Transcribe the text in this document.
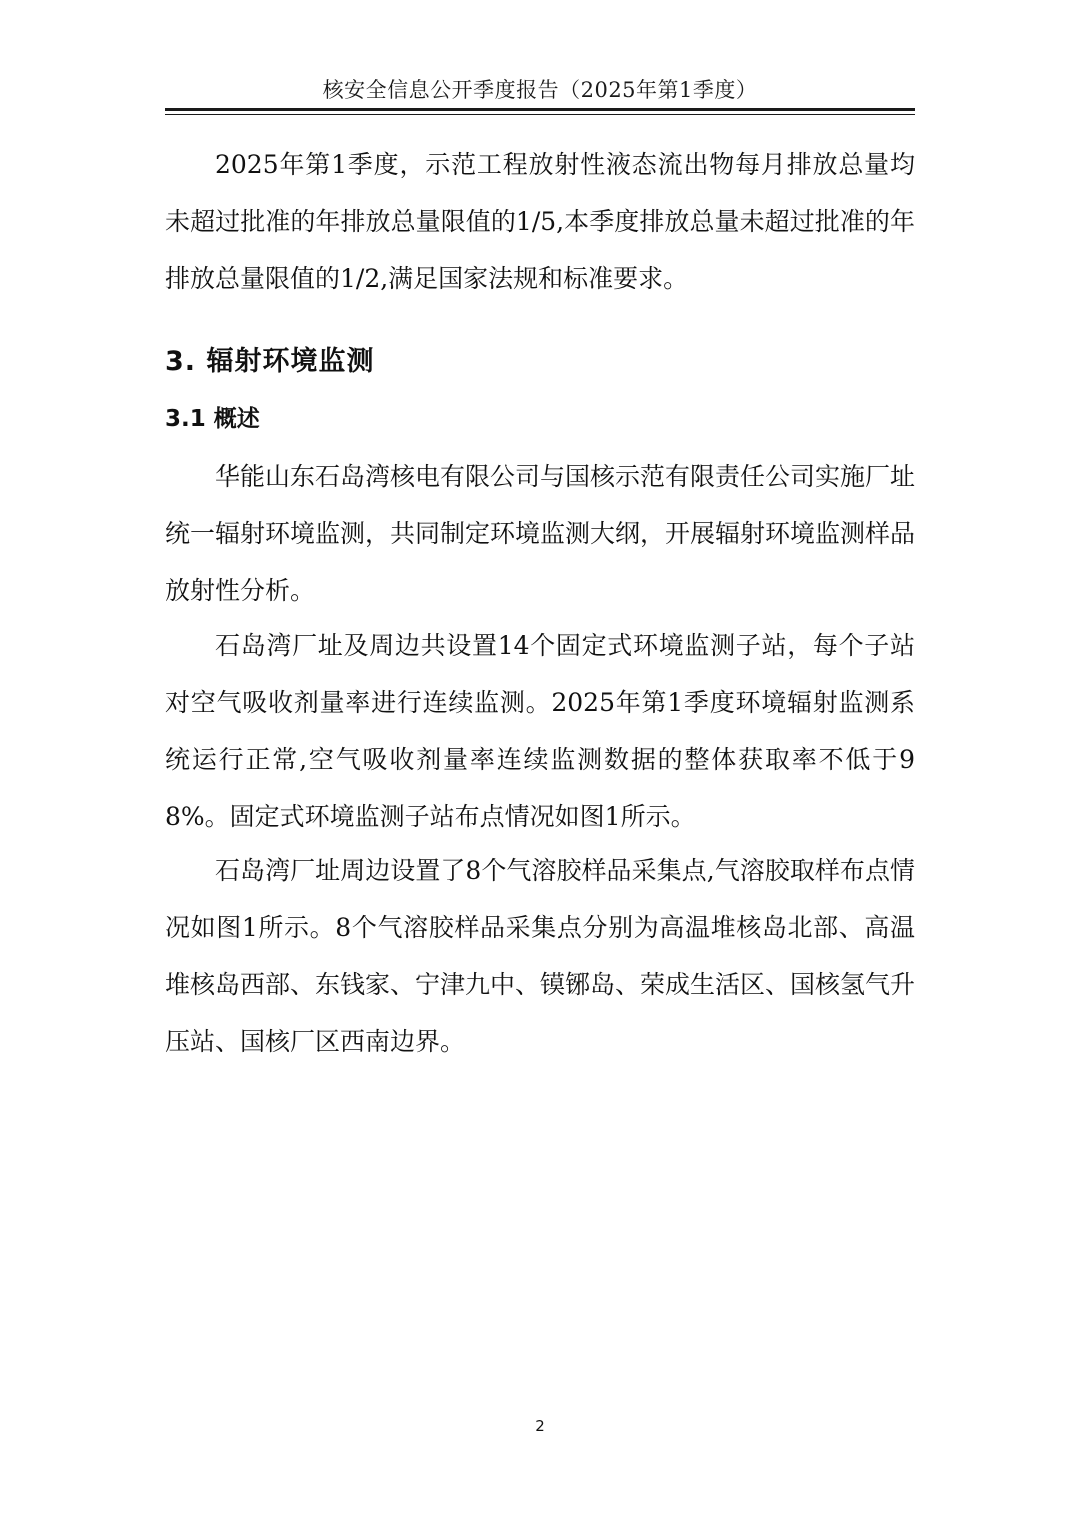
核安全信息公开季度报告（2025年第1季度）

2025年第1季度，示范工程放射性液态流出物每月排放总量均未超过批准的年排放总量限值的1/5,本季度排放总量未超过批准的年排放总量限值的1/2,满足国家法规和标准要求。

3. 辐射环境监测
3.1 概述

华能山东石岛湾核电有限公司与国核示范有限责任公司实施厂址统一辐射环境监测，共同制定环境监测大纲，开展辐射环境监测样品放射性分析。

石岛湾厂址及周边共设置14个固定式环境监测子站，每个子站对空气吸收剂量率进行连续监测。2025年第1季度环境辐射监测系统运行正常,空气吸收剂量率连续监测数据的整体获取率不低于98%。固定式环境监测子站布点情况如图1所示。

石岛湾厂址周边设置了8个气溶胶样品采集点,气溶胶取样布点情况如图1所示。8个气溶胶样品采集点分别为高温堆核岛北部、高温堆核岛西部、东钱家、宁津九中、镆铘岛、荣成生活区、国核氢气升压站、国核厂区西南边界。

2
